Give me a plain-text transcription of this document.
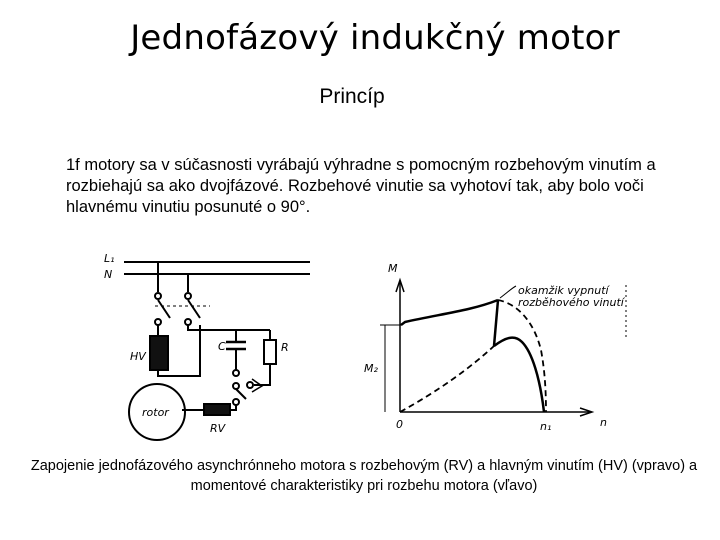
Jednofázový indukčný motor
Princíp
1f motory sa v súčasnosti vyrábajú výhradne s pomocným rozbehovým vinutím a rozbiehajú sa ako dvojfázové. Rozbehové vinutie sa vyhotoví tak, aby bolo voči hlavnému vinutiu posunuté o 90°.
L₁
N
HV
C	R
rotor
RV
M
n
0
M₂
n₁
okamžik vypnutí
rozběhového vinutí
Zapojenie jednofázového asynchrónneho motora s rozbehovým (RV) a hlavným vinutím (HV) (vpravo) a momentové charakteristiky pri rozbehu motora (vľavo)
